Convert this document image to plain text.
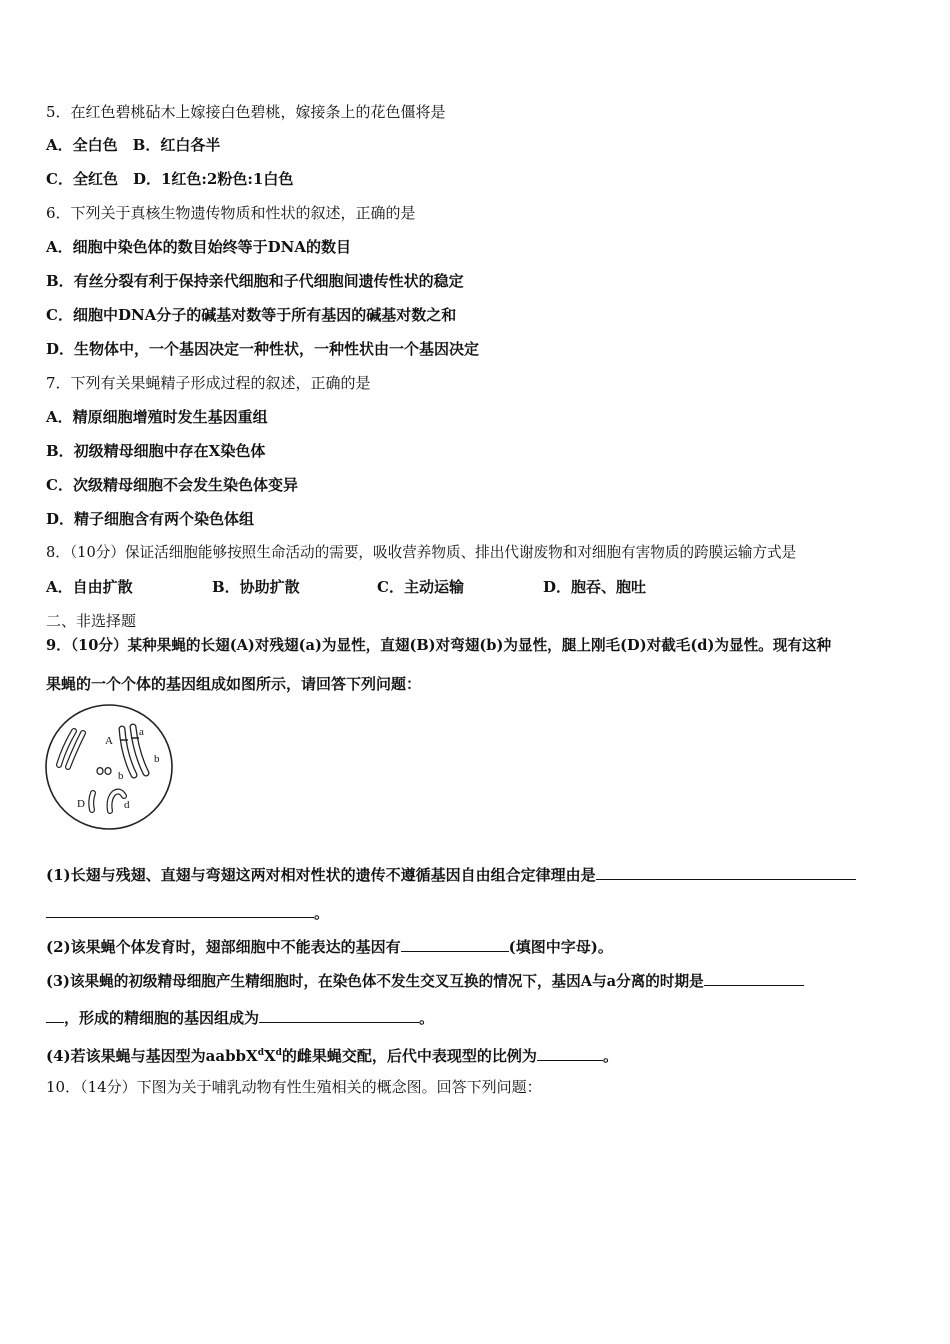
5．在红色碧桃砧木上嫁接白色碧桃，嫁接条上的花色僵将是
A．全白色　B．红白各半
C．全红色　D．1红色:2粉色:1白色
6．下列关于真核生物遗传物质和性状的叙述，正确的是
A．细胞中染色体的数目始终等于DNA的数目
B．有丝分裂有利于保持亲代细胞和子代细胞间遗传性状的稳定
C．细胞中DNA分子的碱基对数等于所有基因的碱基对数之和
D．生物体中，一个基因决定一种性状，一种性状由一个基因决定
7．下列有关果蝇精子形成过程的叙述，正确的是
A．精原细胞增殖时发生基因重组
B．初级精母细胞中存在X染色体
C．次级精母细胞不会发生染色体变异
D．精子细胞含有两个染色体组
8．（10分）保证活细胞能够按照生命活动的需要，吸收营养物质、排出代谢废物和对细胞有害物质的跨膜运输方式是
A．自由扩散	B．协助扩散	C．主动运输	D．胞吞、胞吐
二、非选择题
9．（10分）某种果蝇的长翅(A)对残翅(a)为显性，直翅(B)对弯翅(b)为显性，腿上刚毛(D)对截毛(d)为显性。现有这种
果蝇的一个个体的基因组成如图所示，请回答下列问题：
A
a
b
b
D	d
(1)长翅与残翅、直翅与弯翅这两对相对性状的遗传不遵循基因自由组合定律理由是
。
(2)该果蝇个体发育时，翅部细胞中不能表达的基因有	(填图中字母)。
(3)该果蝇的初级精母细胞产生精细胞时，在染色体不发生交叉互换的情况下，基因A与a分离的时期是
，形成的精细胞的基因组成为	。
(4)若该果蝇与基因型为$aabbX^dX^d$的雌果蝇交配，后代中表现型的比例为	。
10．（14分）下图为关于哺乳动物有性生殖相关的概念图。回答下列问题：
